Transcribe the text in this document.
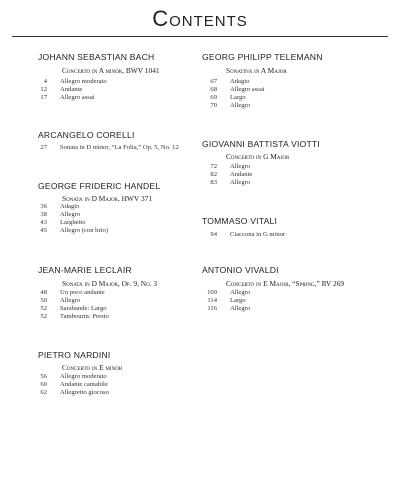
Contents
JOHANN SEBASTIAN BACH
Concerto in A minor, BWV 1041
4 Allegro moderato
12 Andante
17 Allegro assai
ARCANGELO CORELLI
27 Sonata in D minor, “La Folia,” Op. 5, No. 12
GEORGE FRIDERIC HANDEL
Sonata in D Major, HWV 371
36 Adagio
38 Allegro
43 Larghetto
45 Allegro (con brio)
JEAN-MARIE LECLAIR
Sonata in D Major, Op. 9, No. 3
48 Un poco andante
50 Allegro
52 Sarabande: Largo
52 Tambourin: Presto
PIETRO NARDINI
Concerto in E minor
56 Allegro moderato
60 Andante cantabile
62 Allegretto giocoso
GEORG PHILIPP TELEMANN
Sonatina in A Major
67 Adagio
68 Allegro assai
69 Largo
70 Allegro
GIOVANNI BATTISTA VIOTTI
Concerto in G Major
72 Allegro
82 Andante
83 Allegro
TOMMASO VITALI
94 Ciaccona in G minor
ANTONIO VIVALDI
Concerto in E Major, “Spring,” RV 269
109 Allegro
114 Largo
116 Allegro
